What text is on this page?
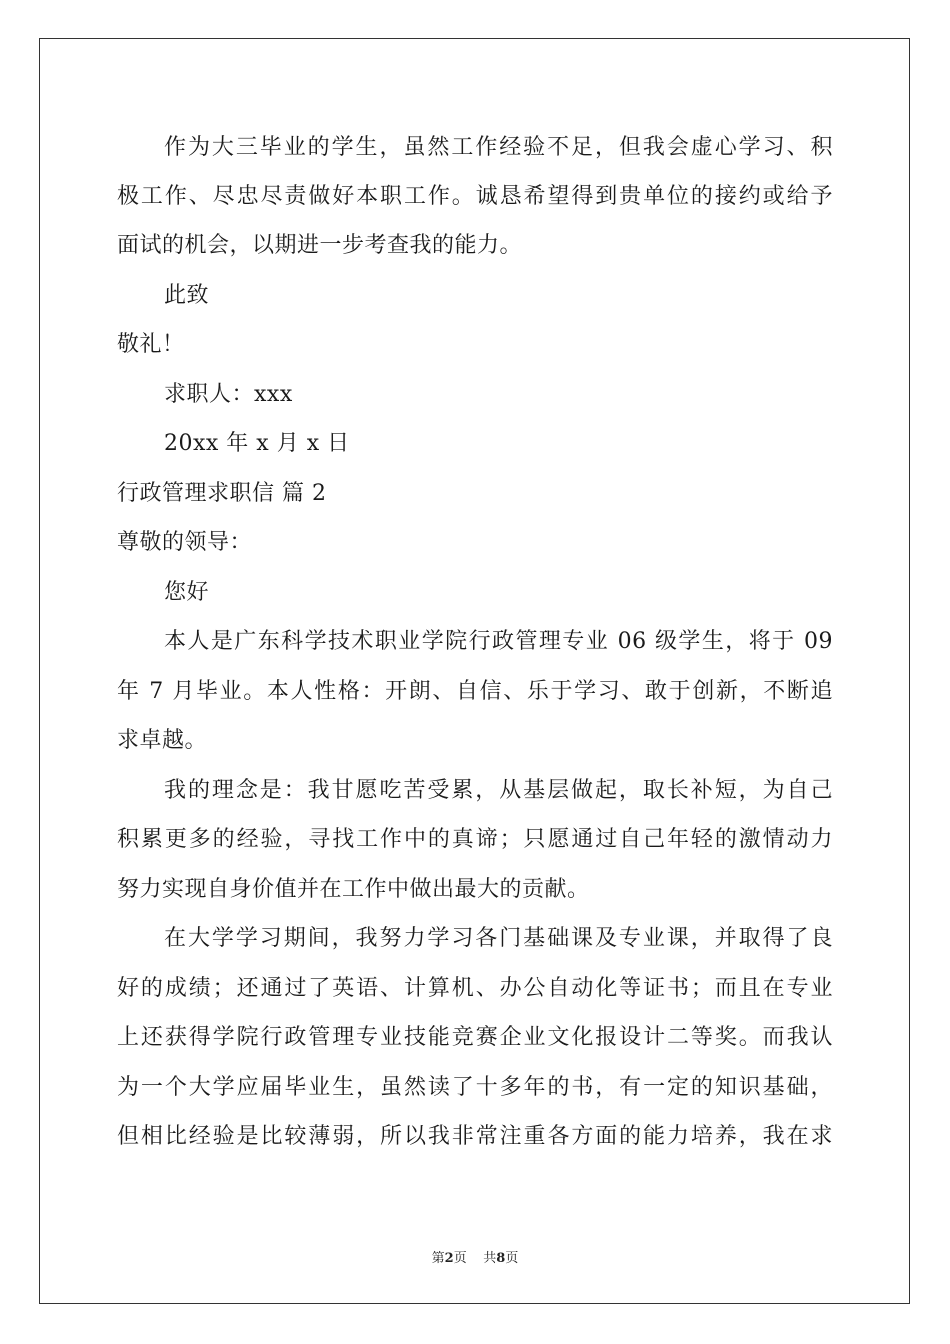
作为大三毕业的学生，虽然工作经验不足，但我会虚心学习、积
极工作、尽忠尽责做好本职工作。诚恳希望得到贵单位的接约或给予
面试的机会，以期进一步考查我的能力。
此致
敬礼！
求职人：xxx
20xx 年 x 月 x 日
行政管理求职信 篇 2
尊敬的领导：
您好
本人是广东科学技术职业学院行政管理专业 06 级学生，将于 09
年 7 月毕业。本人性格：开朗、自信、乐于学习、敢于创新，不断追
求卓越。
我的理念是：我甘愿吃苦受累，从基层做起，取长补短，为自己
积累更多的经验，寻找工作中的真谛；只愿通过自己年轻的激情动力
努力实现自身价值并在工作中做出最大的贡献。
在大学学习期间，我努力学习各门基础课及专业课，并取得了良
好的成绩；还通过了英语、计算机、办公自动化等证书；而且在专业
上还获得学院行政管理专业技能竞赛企业文化报设计二等奖。而我认
为一个大学应届毕业生，虽然读了十多年的书，有一定的知识基础，
但相比经验是比较薄弱，所以我非常注重各方面的能力培养，我在求
第2页 共8页
